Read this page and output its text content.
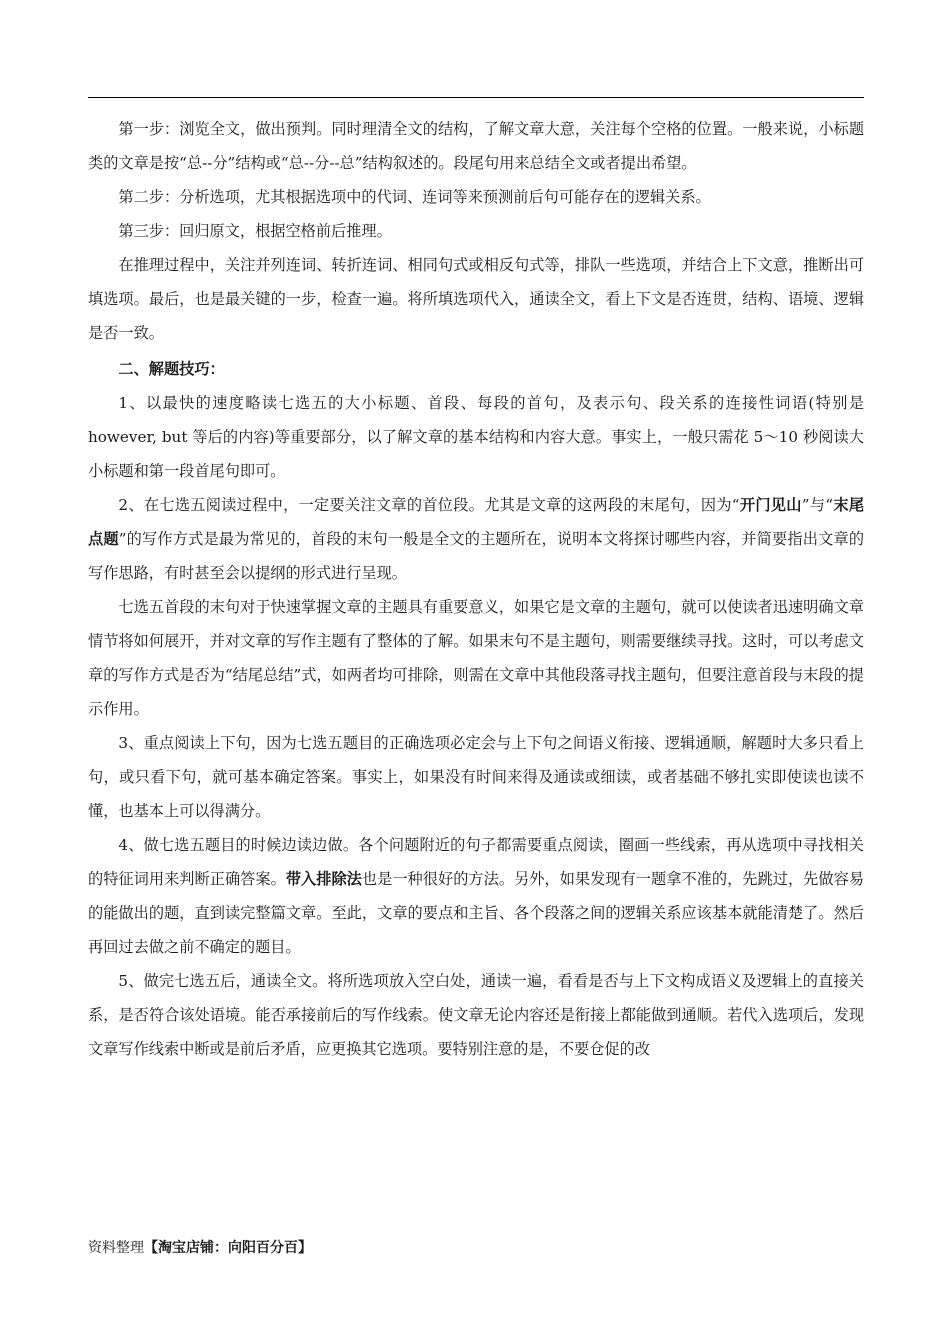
第一步：浏览全文，做出预判。同时理清全文的结构，了解文章大意，关注每个空格的位置。一般来说，小标题类的文章是按“总--分”结构或“总--分--总”结构叙述的。段尾句用来总结全文或者提出希望。

第二步：分析选项，尤其根据选项中的代词、连词等来预测前后句可能存在的逻辑关系。

第三步：回归原文，根据空格前后推理。

在推理过程中，关注并列连词、转折连词、相同句式或相反句式等，排队一些选项，并结合上下文意，推断出可填选项。最后，也是最关键的一步，检查一遍。将所填选项代入，通读全文，看上下文是否连贯，结构、语境、逻辑是否一致。

二、解题技巧：

1、以最快的速度略读七选五的大小标题、首段、每段的首句，及表示句、段关系的连接性词语(特别是however, but 等后的内容)等重要部分，以了解文章的基本结构和内容大意。事实上，一般只需花 5～10 秒阅读大小标题和第一段首尾句即可。

2、在七选五阅读过程中，一定要关注文章的首位段。尤其是文章的这两段的末尾句，因为“开门见山”与“末尾点题”的写作方式是最为常见的，首段的末句一般是全文的主题所在，说明本文将探讨哪些内容，并简要指出文章的写作思路，有时甚至会以提纲的形式进行呈现。

七选五首段的末句对于快速掌握文章的主题具有重要意义，如果它是文章的主题句，就可以使读者迅速明确文章情节将如何展开，并对文章的写作主题有了整体的了解。如果末句不是主题句，则需要继续寻找。这时，可以考虑文章的写作方式是否为“结尾总结”式，如两者均可排除，则需在文章中其他段落寻找主题句，但要注意首段与末段的提示作用。

3、重点阅读上下句，因为七选五题目的正确选项必定会与上下句之间语义衔接、逻辑通顺，解题时大多只看上句，或只看下句，就可基本确定答案。事实上，如果没有时间来得及通读或细读，或者基础不够扎实即使读也读不懂，也基本上可以得满分。

4、做七选五题目的时候边读边做。各个问题附近的句子都需要重点阅读，圈画一些线索，再从选项中寻找相关的特征词用来判断正确答案。带入排除法也是一种很好的方法。另外，如果发现有一题拿不准的，先跳过，先做容易的能做出的题，直到读完整篇文章。至此，文章的要点和主旨、各个段落之间的逻辑关系应该基本就能清楚了。然后再回过去做之前不确定的题目。

5、做完七选五后，通读全文。将所选项放入空白处，通读一遍，看看是否与上下文构成语义及逻辑上的直接关系，是否符合该处语境。能否承接前后的写作线索。使文章无论内容还是衔接上都能做到通顺。若代入选项后，发现文章写作线索中断或是前后矛盾，应更换其它选项。要特别注意的是，不要仓促的改

资料整理【淘宝店铺：向阳百分百】
